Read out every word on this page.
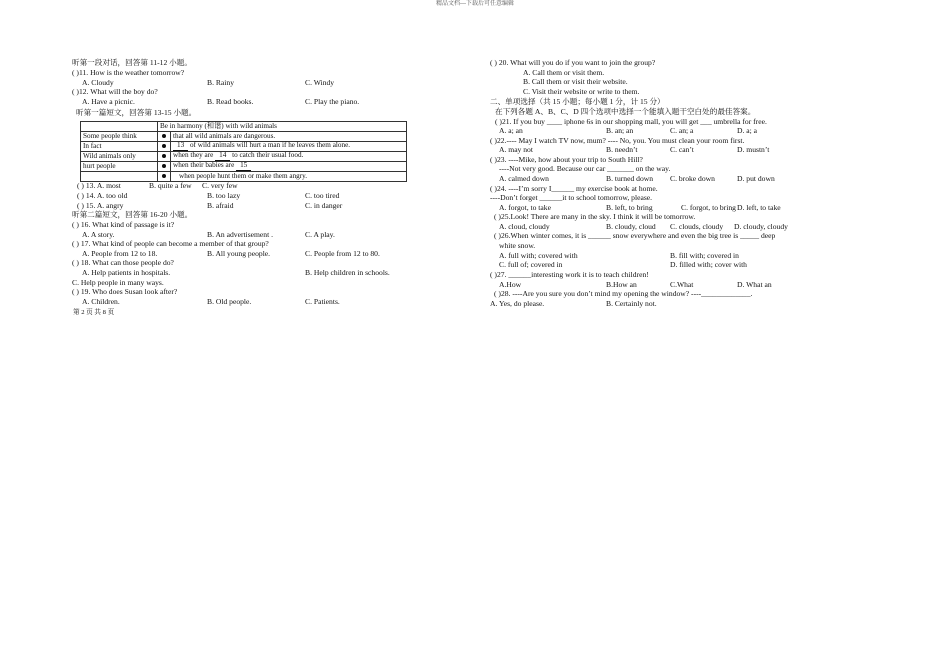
精品文档---下载后可任意编辑
听第一段对话，回答第 11-12 小题。
( )11. How is the weather tomorrow?
A. Cloudy	B. Rainy	C. Windy
( )12. What will the boy do?
A. Have a picnic.	B. Read books.	C. Play the piano.
听第一篇短文，回答第 13-15 小题。
	Be in harmony (和谐) with wild animals	
Some people think		that all wild animals are dangerous.
In fact		13 of wild animals will hurt a man if he leaves them alone.
Wild animals only		when they are 14 to catch their usual food.
hurt people		when their babies are 15
		when people hunt them or make them angry.
( ) 13. A. most	B. quite a few C. very few
( ) 14. A. too old	B. too lazy	C. too tired
( ) 15. A. angry	B. afraid	C. in danger
听第二篇短文，回答第 16-20 小题。
( ) 16. What kind of passage is it?
A. A story.	B. An advertisement .	C. A play.
( ) 17. What kind of people can become a member of that group?
A. People from 12 to 18.	B. All young people.	C. People from 12 to 80.
( ) 18. What can those people do?
A. Help patients in hospitals.	B. Help children in schools.
C. Help people in many ways.
( ) 19. Who does Susan look after?
A. Children.	B. Old people.	C. Patients.
第 2 页 共 8 页
( ) 20. What will you do if you want to join the group?
A. Call them or visit them.
B. Call them or visit their website.
C. Visit their website or write to them.
二、单项选择（共 15 小题；每小题 1 分，计 15 分）
在下列各题 A、B、C、D 四个选项中选择一个能填入题干空白处的最佳答案。
( )21. If you buy ____ iphone 6s in our shopping mall, you will get ___ umbrella for free.
A. a; an	B. an; an	C. an; a	D. a; a
( )22.---- May I watch TV now, mum? ---- No, you. You must clean your room first.
A. may not	B. needn’t	C. can’t	D. mustn’t
( )23. ----Mike, how about your trip to South Hill?
----Not very good. Because our car _______ on the way.
A. calmed down	B. turned down C. broke down	D. put down
( )24. ----I’m sorry I______ my exercise book at home.
----Don’t forget ______it to school tomorrow, please.
A. forgot, to take	B. left, to bring	C. forgot, to bring D. left, to take
( )25.Look! There are many in the sky. I think it will be tomorrow.
A. cloud, cloudy	B. cloudy, cloud C. clouds, cloudy D. cloudy, cloudy
( )26.When winter comes, it is ______ snow everywhere and even the big tree is _____ deep
white snow.
A. full with; covered with	B. fill with; covered in
C. full of; covered in	D. filled with; cover with
( )27. ______interesting work it is to teach children!
A.How	B.How an	C.What	D. What an
( )28. ----Are you sure you don’t mind my opening the window? ----_____________.
A. Yes, do please.	B. Certainly not.
